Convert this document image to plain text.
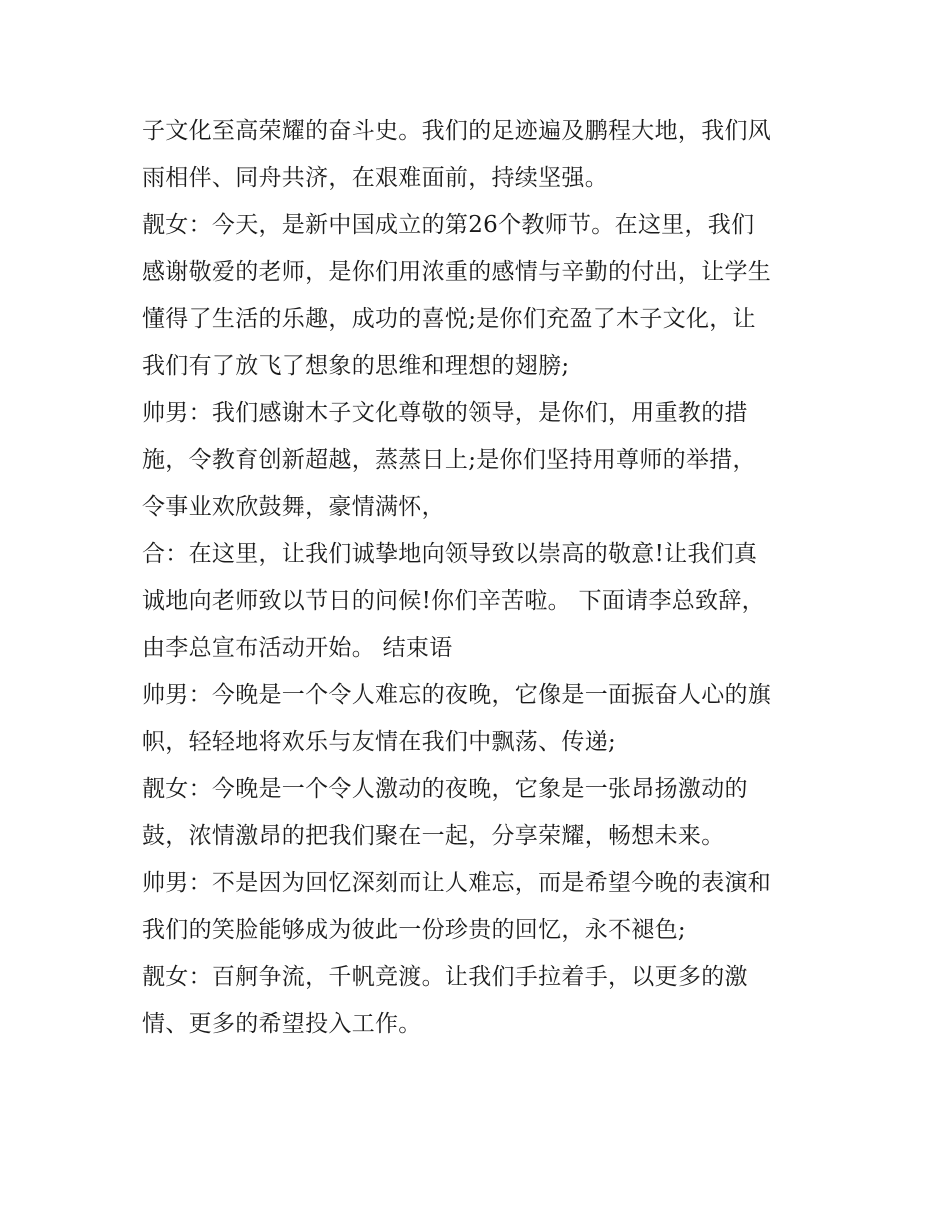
子文化至高荣耀的奋斗史。我们的足迹遍及鹏程大地，我们风
雨相伴、同舟共济，在艰难面前，持续坚强。
靓女：今天，是新中国成立的第26个教师节。在这里，我们
感谢敬爱的老师，是你们用浓重的感情与辛勤的付出，让学生
懂得了生活的乐趣，成功的喜悦;是你们充盈了木子文化，让
我们有了放飞了想象的思维和理想的翅膀;
帅男：我们感谢木子文化尊敬的领导，是你们，用重教的措
施，令教育创新超越，蒸蒸日上;是你们坚持用尊师的举措，
令事业欢欣鼓舞，豪情满怀，
合：在这里，让我们诚挚地向领导致以崇高的敬意!让我们真
诚地向老师致以节日的问候!你们辛苦啦。 下面请李总致辞，
由李总宣布活动开始。 结束语
帅男：今晚是一个令人难忘的夜晚，它像是一面振奋人心的旗
帜，轻轻地将欢乐与友情在我们中飘荡、传递;
靓女：今晚是一个令人激动的夜晚，它象是一张昂扬激动的
鼓，浓情激昂的把我们聚在一起，分享荣耀，畅想未来。
帅男：不是因为回忆深刻而让人难忘，而是希望今晚的表演和
我们的笑脸能够成为彼此一份珍贵的回忆，永不褪色;
靓女：百舸争流，千帆竞渡。让我们手拉着手，以更多的激
情、更多的希望投入工作。
